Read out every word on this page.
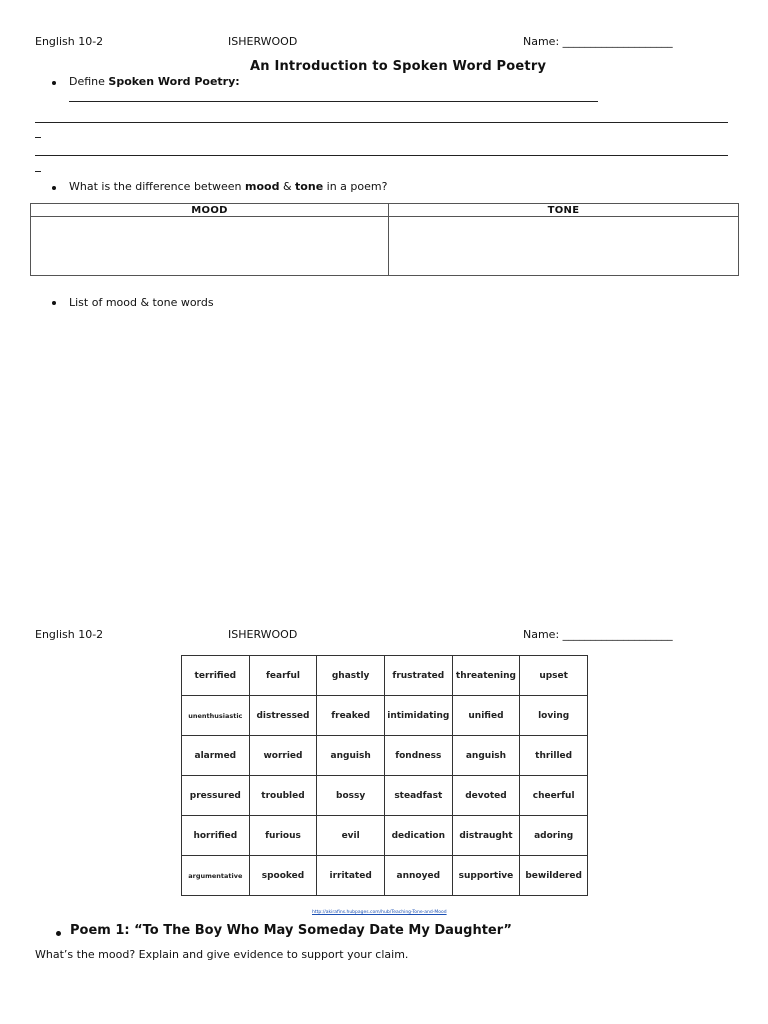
English 10-2	ISHERWOOD	Name: ____________________
An Introduction to Spoken Word Poetry
Define Spoken Word Poetry:
What is the difference between mood & tone in a poem?
MOOD	TONE

List of mood & tone words
English 10-2	ISHERWOOD	Name: ____________________
terrified	fearful	ghastly	frustrated	threatening	upset
unenthusiastic	distressed	freaked	intimidating	unified	loving
alarmed	worried	anguish	fondness	anguish	thrilled
pressured	troubled	bossy	steadfast	devoted	cheerful
horrified	furious	evil	dedication	distraught	adoring
argumentative	spooked	irritated	annoyed	supportive	bewildered
http://akirafins.hubpages.com/hub/Teaching-Tone-and-Mood
Poem 1: “To The Boy Who May Someday Date My Daughter”
What’s the mood? Explain and give evidence to support your claim.
